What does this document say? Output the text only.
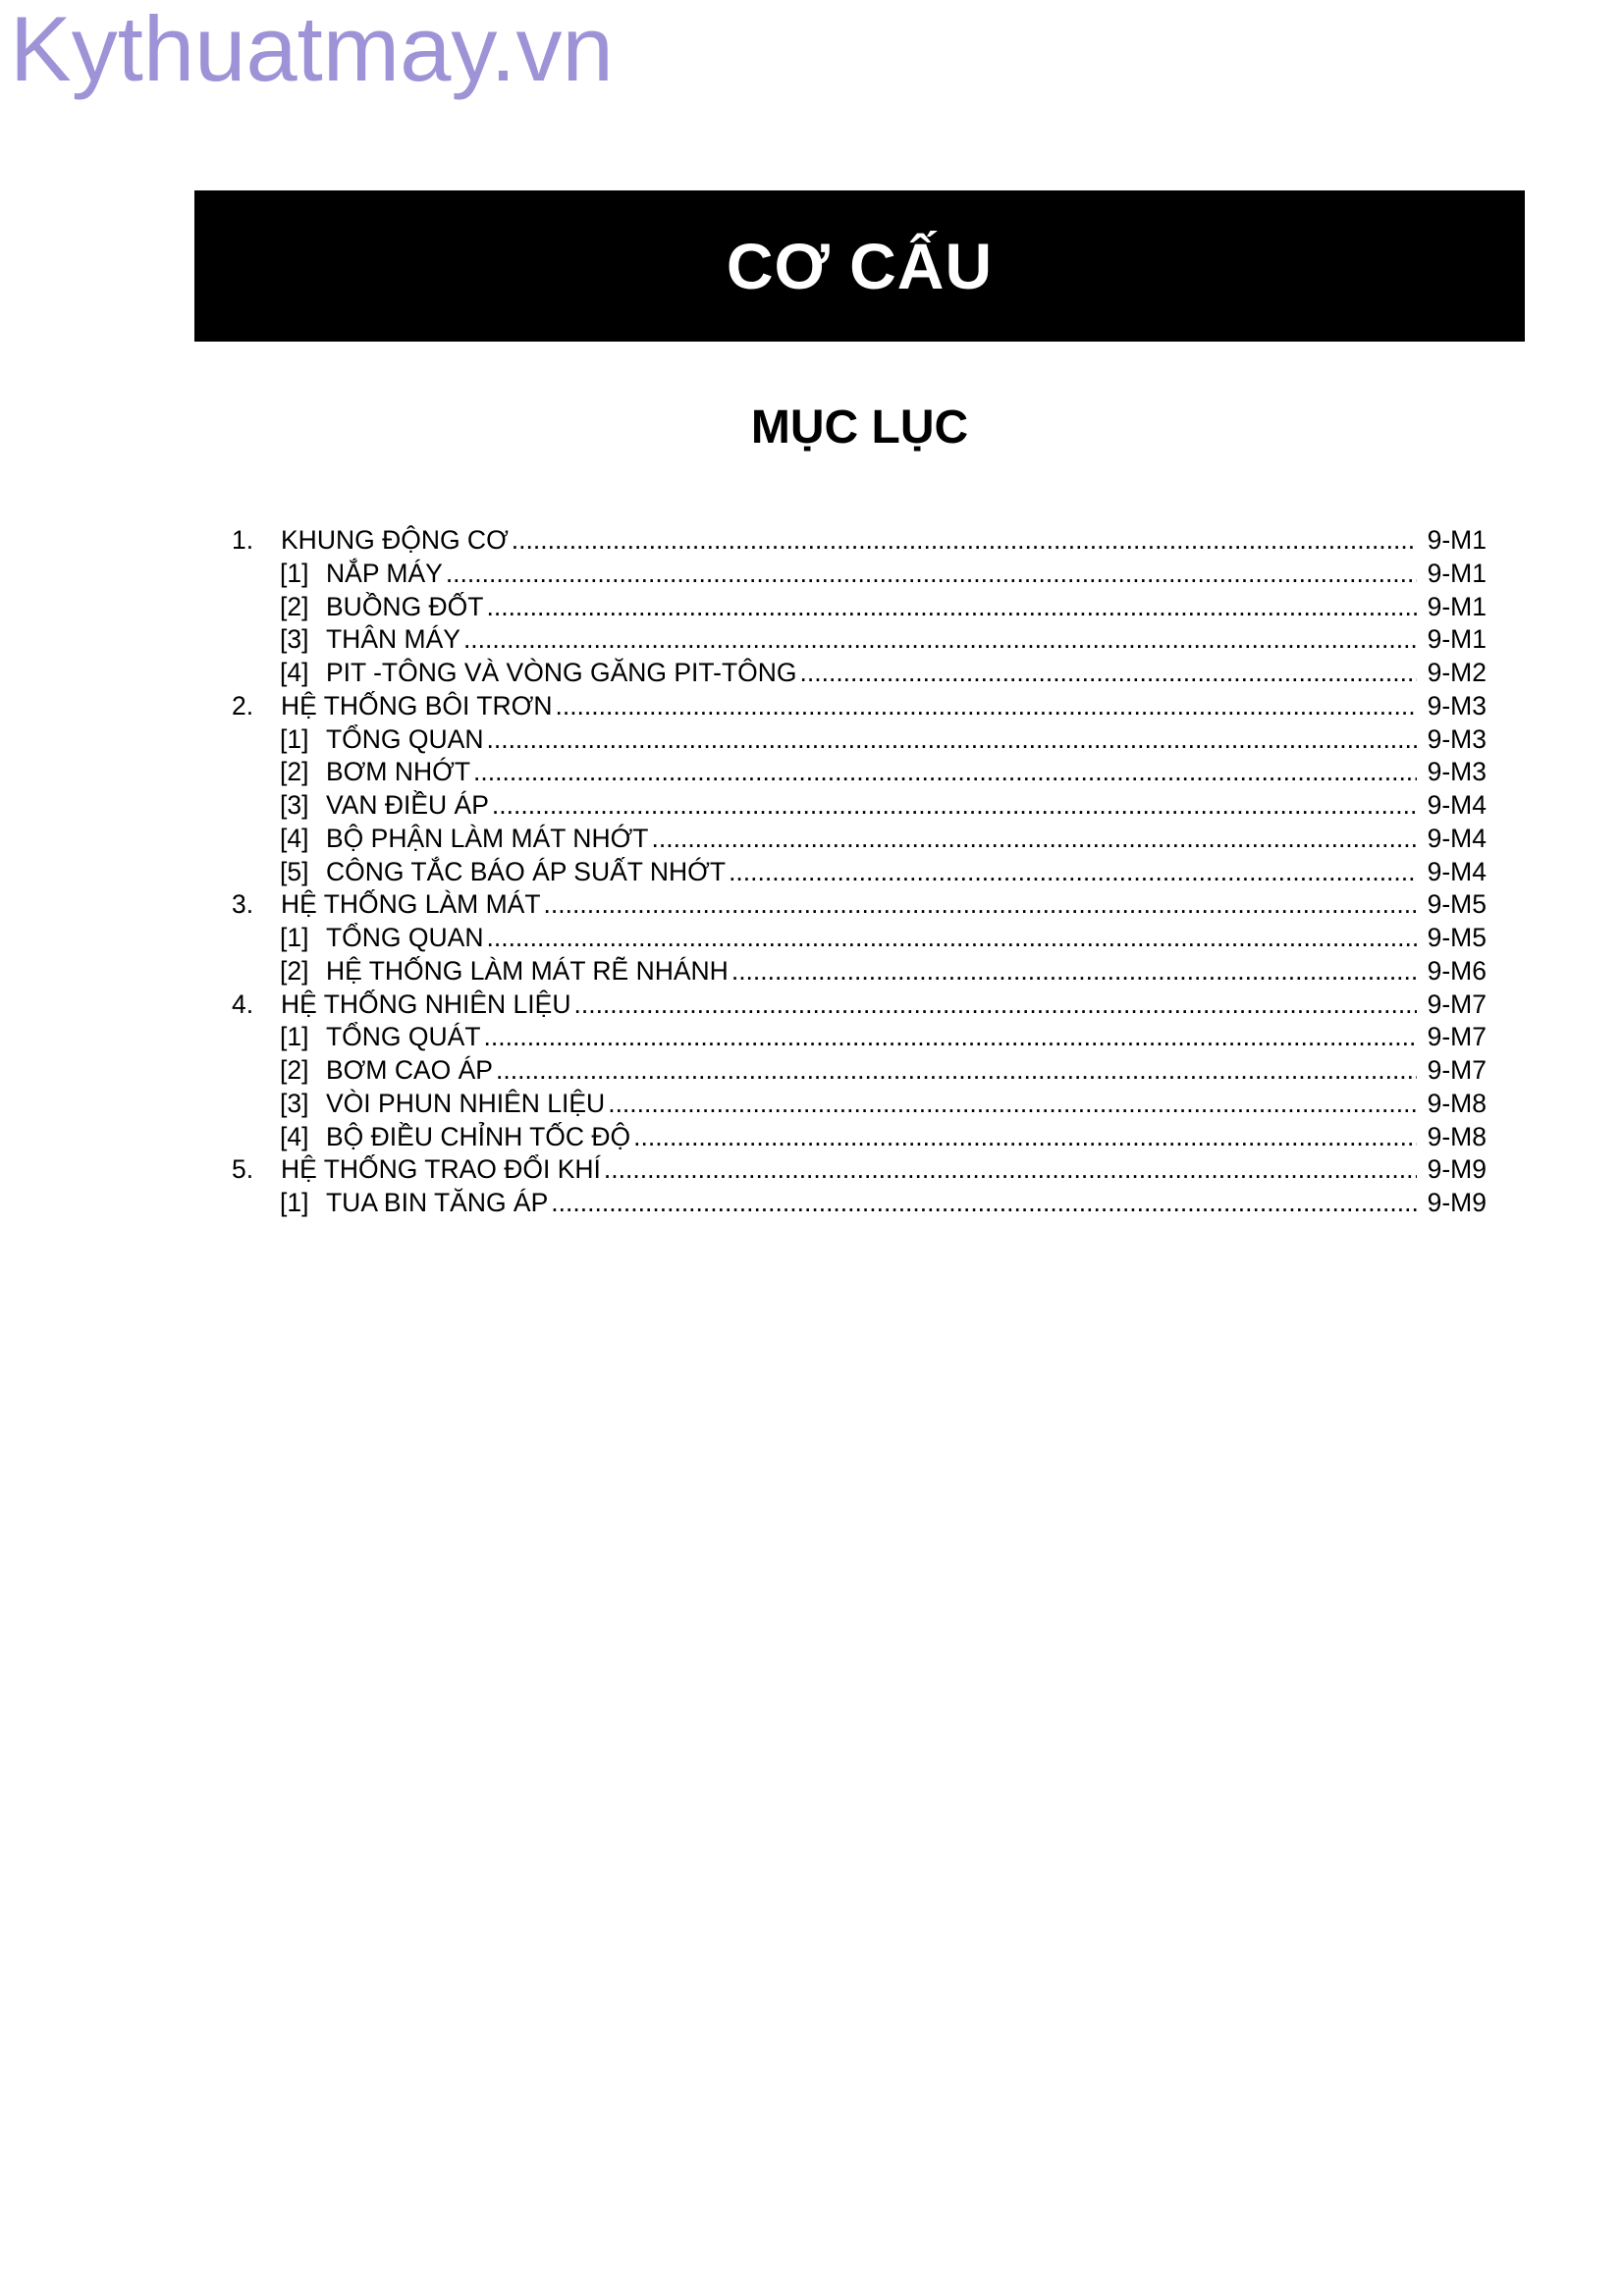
Kythuatmay.vn
CƠ CẤU
MỤC LỤC
1.	KHUNG ĐỘNG CƠ .....	9-M1
[1] NẮP MÁY .....	9-M1
[2] BUỒNG ĐỐT .....	9-M1
[3] THÂN MÁY .....	9-M1
[4] PIT -TÔNG VÀ VÒNG GĂNG PIT-TÔNG .....	9-M2
2.	HỆ THỐNG BÔI TRƠN .....	9-M3
[1] TỔNG QUAN .....	9-M3
[2] BƠM NHỚT .....	9-M3
[3] VAN ĐIỀU ÁP .....	9-M4
[4] BỘ PHẬN LÀM MÁT NHỚT .....	9-M4
[5] CÔNG TẮC BÁO ÁP SUẤT NHỚT .....	9-M4
3.	HỆ THỐNG LÀM MÁT .....	9-M5
[1] TỔNG QUAN .....	9-M5
[2] HỆ THỐNG LÀM MÁT RẼ NHÁNH .....	9-M6
4.	HỆ THỐNG NHIÊN LIỆU .....	9-M7
[1] TỔNG QUÁT .....	9-M7
[2] BƠM CAO ÁP .....	9-M7
[3] VÒI PHUN NHIÊN LIỆU .....	9-M8
[4] BỘ ĐIỀU CHỈNH TỐC ĐỘ .....	9-M8
5.	HỆ THỐNG TRAO ĐỔI KHÍ .....	9-M9
[1] TUA BIN TĂNG ÁP .....	9-M9
